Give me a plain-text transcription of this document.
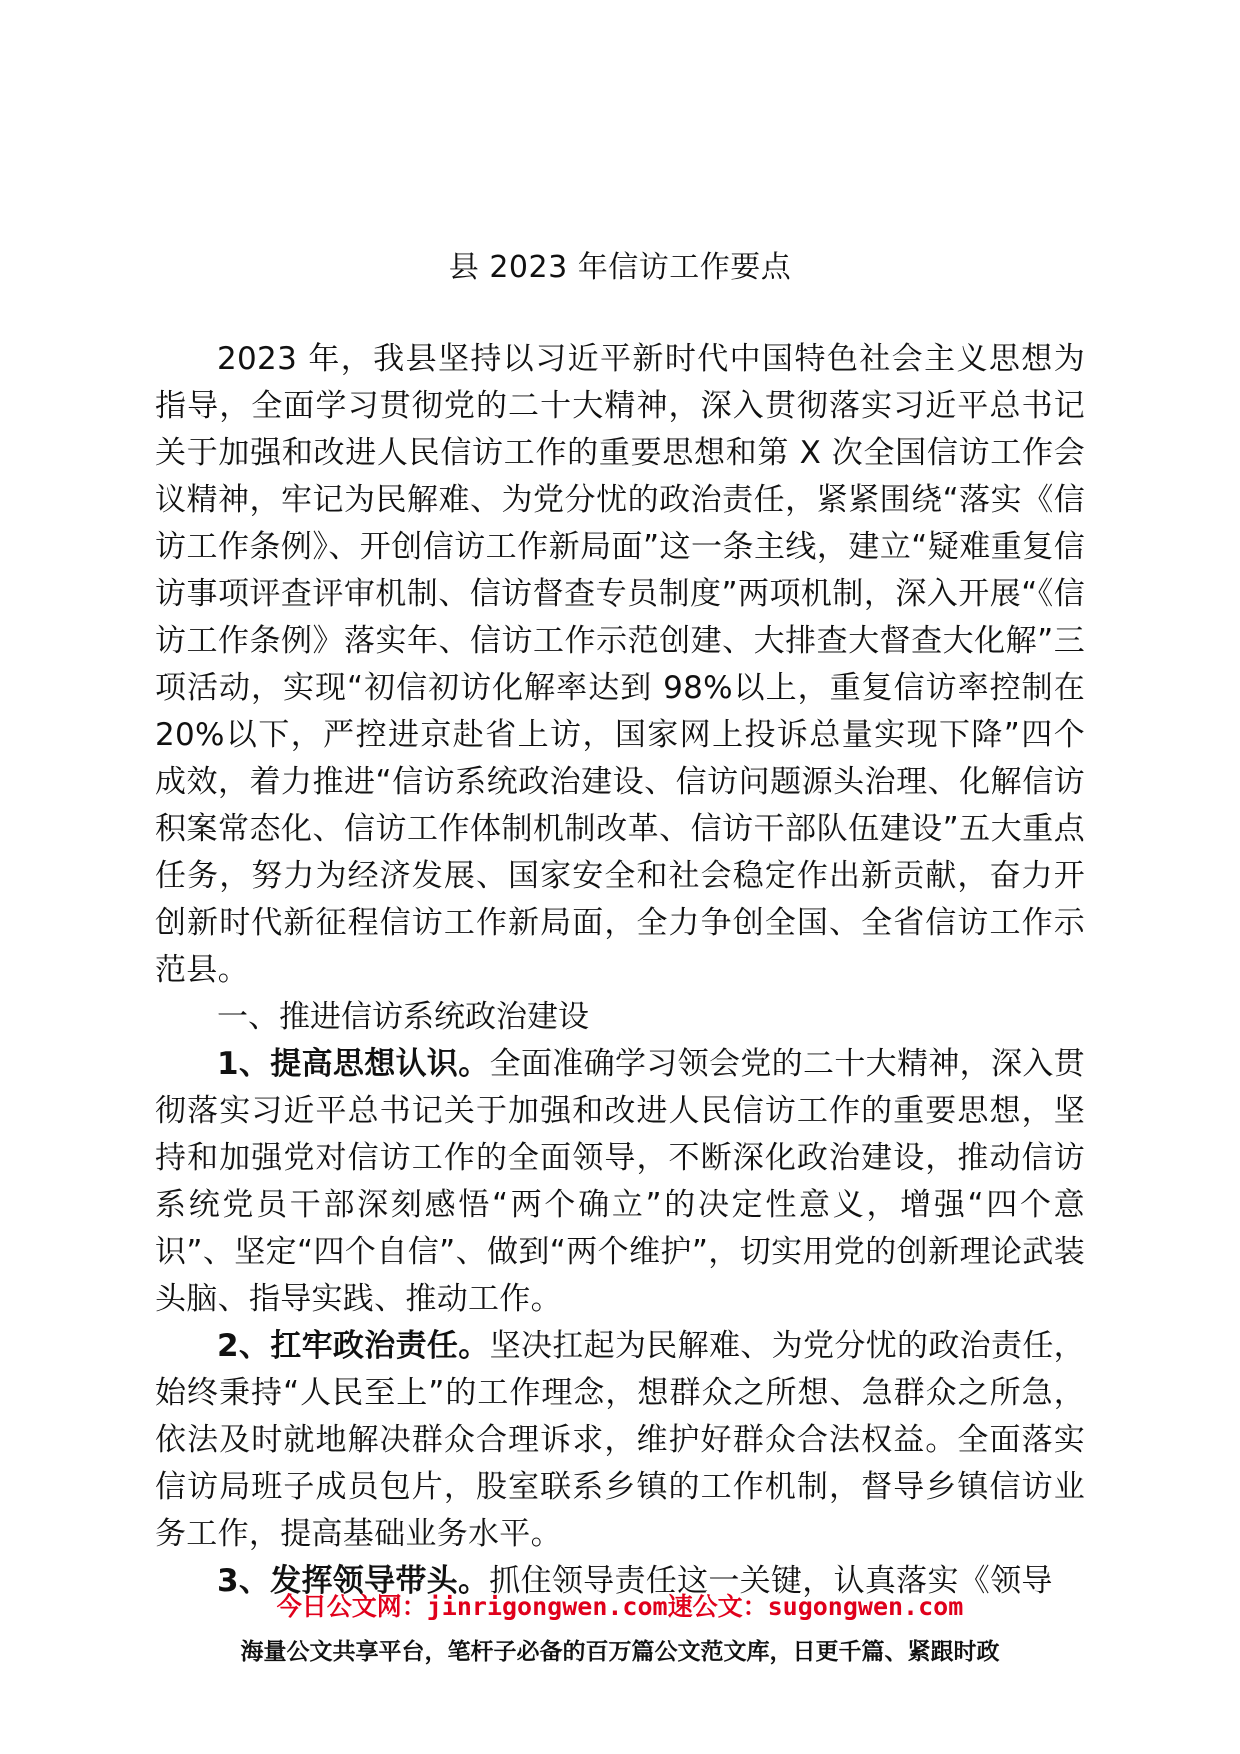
县 2023 年信访工作要点

2023 年，我县坚持以习近平新时代中国特色社会主义思想为指导，全面学习贯彻党的二十大精神，深入贯彻落实习近平总书记关于加强和改进人民信访工作的重要思想和第 X 次全国信访工作会议精神，牢记为民解难、为党分忧的政治责任，紧紧围绕“落实《信访工作条例》、开创信访工作新局面”这一条主线，建立“疑难重复信访事项评查评审机制、信访督查专员制度”两项机制，深入开展“《信访工作条例》落实年、信访工作示范创建、大排查大督查大化解”三项活动，实现“初信初访化解率达到 98%以上，重复信访率控制在 20%以下，严控进京赴省上访，国家网上投诉总量实现下降”四个成效，着力推进“信访系统政治建设、信访问题源头治理、化解信访积案常态化、信访工作体制机制改革、信访干部队伍建设”五大重点任务，努力为经济发展、国家安全和社会稳定作出新贡献，奋力开创新时代新征程信访工作新局面，全力争创全国、全省信访工作示范县。

一、推进信访系统政治建设

1、提高思想认识。全面准确学习领会党的二十大精神，深入贯彻落实习近平总书记关于加强和改进人民信访工作的重要思想，坚持和加强党对信访工作的全面领导，不断深化政治建设，推动信访系统党员干部深刻感悟“两个确立”的决定性意义，增强“四个意识”、坚定“四个自信”、做到“两个维护”，切实用党的创新理论武装头脑、指导实践、推动工作。

2、扛牢政治责任。坚决扛起为民解难、为党分忧的政治责任，始终秉持“人民至上”的工作理念，想群众之所想、急群众之所急，依法及时就地解决群众合理诉求，维护好群众合法权益。全面落实信访局班子成员包片，股室联系乡镇的工作机制，督导乡镇信访业务工作，提高基础业务水平。

3、发挥领导带头。抓住领导责任这一关键，认真落实《领导

今日公文网：jinrigongwen.com速公文：sugongwen.com
海量公文共享平台，笔杆子必备的百万篇公文范文库，日更千篇、紧跟时政
